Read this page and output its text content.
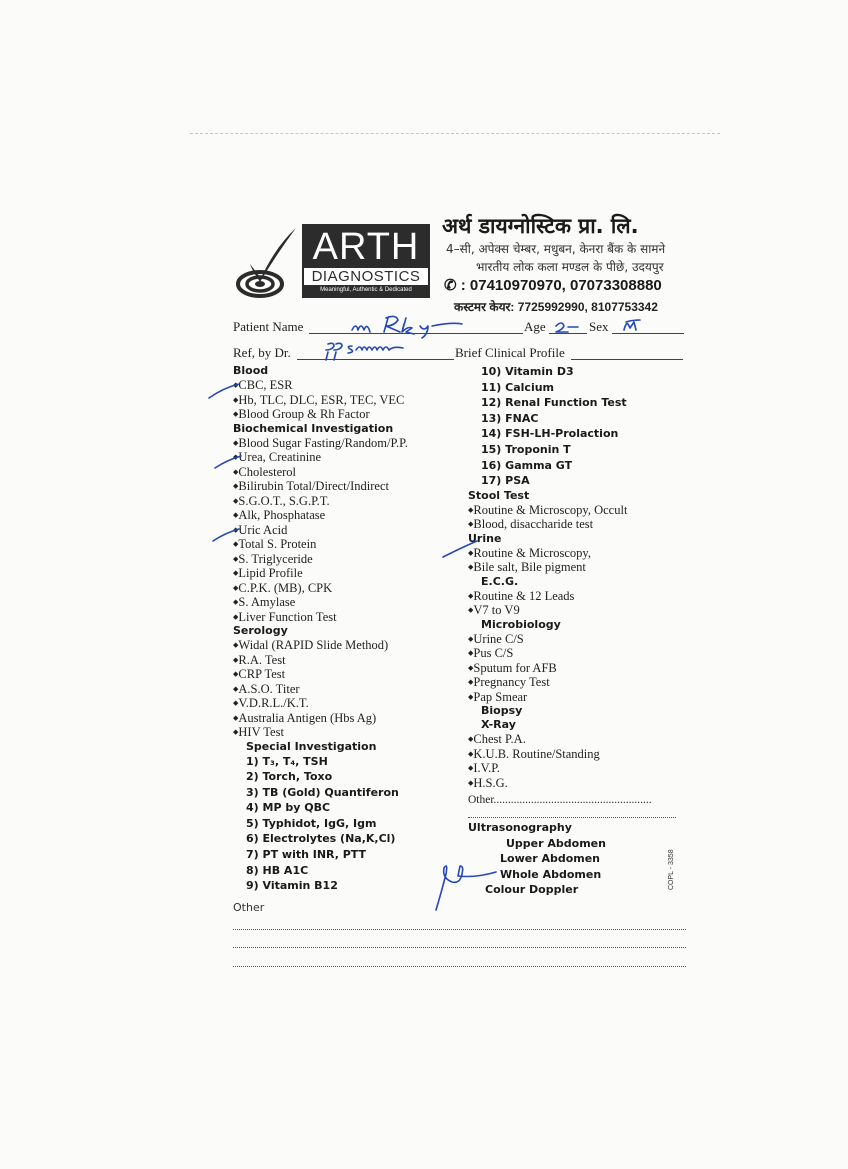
ARTH
DIAGNOSTICS
Meaningful, Authentic & Dedicated
अर्थ डायग्नोस्टिक प्रा. लि.
4–सी, अपेक्स चेम्बर, मधुबन, केनरा बैंक के सामने
भारतीय लोक कला मण्डल के पीछे, उदयपुर
✆ : 07410970970, 07073308880
कस्टमर केयर: 7725992990, 8107753342
Patient Name	Age	Sex
Ref, by Dr.	Brief Clinical Profile
Blood
◆ CBC, ESR
◆ Hb, TLC, DLC, ESR, TEC, VEC
◆ Blood Group & Rh Factor
Biochemical Investigation
◆ Blood Sugar Fasting/Random/P.P.
◆ Urea, Creatinine
◆ Cholesterol
◆ Bilirubin Total/Direct/Indirect
◆ S.G.O.T., S.G.P.T.
◆ Alk, Phosphatase
◆ Uric Acid
◆ Total S. Protein
◆ S. Triglyceride
◆ Lipid Profile
◆ C.P.K. (MB), CPK
◆ S. Amylase
◆ Liver Function Test
Serology
◆ Widal (RAPID Slide Method)
◆ R.A. Test
◆ CRP Test
◆ A.S.O. Titer
◆ V.D.R.L./K.T.
◆ Australia Antigen (Hbs Ag)
◆ HIV Test
Special Investigation
1) T₃, T₄, TSH
2) Torch, Toxo
3) TB (Gold) Quantiferon
4) MP by QBC
5) Typhidot, IgG, Igm
6) Electrolytes (Na,K,Cl)
7) PT with INR, PTT
8) HB A1C
9) Vitamin B12
Other
10) Vitamin D3
11) Calcium
12) Renal Function Test
13) FNAC
14) FSH-LH-Prolaction
15) Troponin T
16) Gamma GT
17) PSA
Stool Test
◆ Routine & Microscopy, Occult
◆ Blood, disaccharide test
Urine
◆ Routine & Microscopy,
◆ Bile salt, Bile pigment
E.C.G.
◆ Routine & 12 Leads
◆ V7 to V9
Microbiology
◆ Urine C/S
◆ Pus C/S
◆ Sputum for AFB
◆ Pregnancy Test
◆ Pap Smear
Biopsy
X-Ray
◆ Chest P.A.
◆ K.U.B. Routine/Standing
◆ I.V.P.
◆ H.S.G.
Other.......................................................
Ultrasonography
Upper Abdomen
Lower Abdomen
Whole Abdomen
Colour Doppler	COPL - 3358
